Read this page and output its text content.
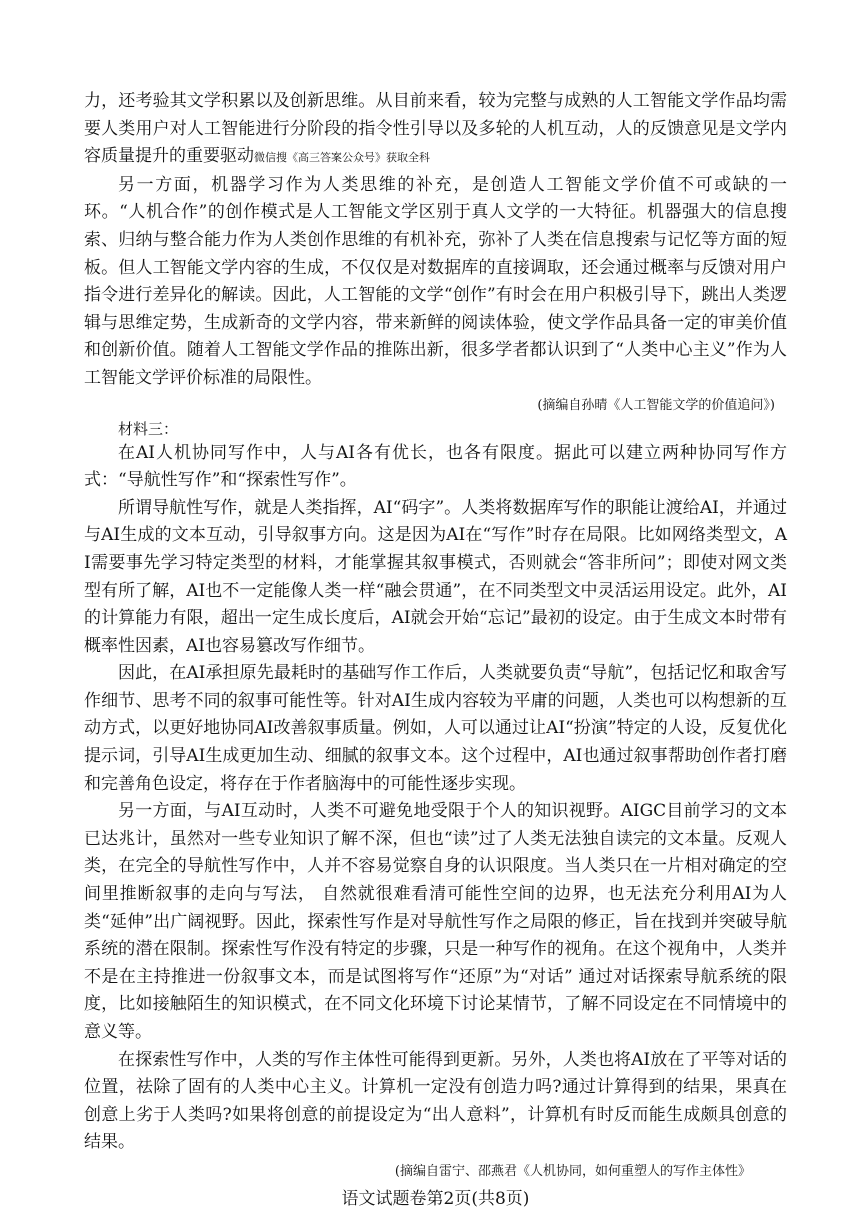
力，还考验其文学积累以及创新思维。从目前来看，较为完整与成熟的人工智能文学作品均需要人类用户对人工智能进行分阶段的指令性引导以及多轮的人机互动，人的反馈意见是文学内容质量提升的重要驱动微信搜《高三答案公众号》获取全科

另一方面，机器学习作为人类思维的补充，是创造人工智能文学价值不可或缺的一环。“人机合作”的创作模式是人工智能文学区别于真人文学的一大特征。机器强大的信息搜索、归纳与整合能力作为人类创作思维的有机补充，弥补了人类在信息搜索与记忆等方面的短板。但人工智能文学内容的生成，不仅仅是对数据库的直接调取，还会通过概率与反馈对用户指令进行差异化的解读。因此，人工智能的文学“创作”有时会在用户积极引导下，跳出人类逻辑与思维定势，生成新奇的文学内容，带来新鲜的阅读体验，使文学作品具备一定的审美价值和创新价值。随着人工智能文学作品的推陈出新，很多学者都认识到了“人类中心主义”作为人工智能文学评价标准的局限性。

(摘编自孙晴《人工智能文学的价值追问》)
材料三：

在AI人机协同写作中，人与AI各有优长，也各有限度。据此可以建立两种协同写作方式：“导航性写作”和“探索性写作”。

所谓导航性写作，就是人类指挥，AI“码字”。人类将数据库写作的职能让渡给AI，并通过与AI生成的文本互动，引导叙事方向。这是因为AI在“写作”时存在局限。比如网络类型文，AI需要事先学习特定类型的材料，才能掌握其叙事模式，否则就会“答非所问”；即使对网文类型有所了解，AI也不一定能像人类一样“融会贯通”，在不同类型文中灵活运用设定。此外，AI的计算能力有限，超出一定生成长度后，AI就会开始“忘记”最初的设定。由于生成文本时带有概率性因素，AI也容易篡改写作细节。

因此，在AI承担原先最耗时的基础写作工作后，人类就要负责“导航”，包括记忆和取舍写作细节、思考不同的叙事可能性等。针对AI生成内容较为平庸的问题，人类也可以构想新的互动方式，以更好地协同AI改善叙事质量。例如，人可以通过让AI“扮演”特定的人设，反复优化提示词，引导AI生成更加生动、细腻的叙事文本。这个过程中，AI也通过叙事帮助创作者打磨和完善角色设定，将存在于作者脑海中的可能性逐步实现。

另一方面，与AI互动时，人类不可避免地受限于个人的知识视野。AIGC目前学习的文本已达兆计，虽然对一些专业知识了解不深，但也“读”过了人类无法独自读完的文本量。反观人类，在完全的导航性写作中，人并不容易觉察自身的认识限度。当人类只在一片相对确定的空间里推断叙事的走向与写法， 自然就很难看清可能性空间的边界，也无法充分利用AI为人类“延伸”出广阔视野。因此，探索性写作是对导航性写作之局限的修正，旨在找到并突破导航系统的潜在限制。探索性写作没有特定的步骤，只是一种写作的视角。在这个视角中，人类并不是在主持推进一份叙事文本，而是试图将写作“还原”为“对话” 通过对话探索导航系统的限度，比如接触陌生的知识模式，在不同文化环境下讨论某情节，了解不同设定在不同情境中的意义等。

在探索性写作中，人类的写作主体性可能得到更新。另外，人类也将AI放在了平等对话的位置，祛除了固有的人类中心主义。计算机一定没有创造力吗?通过计算得到的结果，果真在创意上劣于人类吗?如果将创意的前提设定为“出人意料”，计算机有时反而能生成颇具创意的结果。

(摘编自雷宁、邵燕君《人机协同，如何重塑人的写作主体性》
语文试题卷第2页(共8页)
